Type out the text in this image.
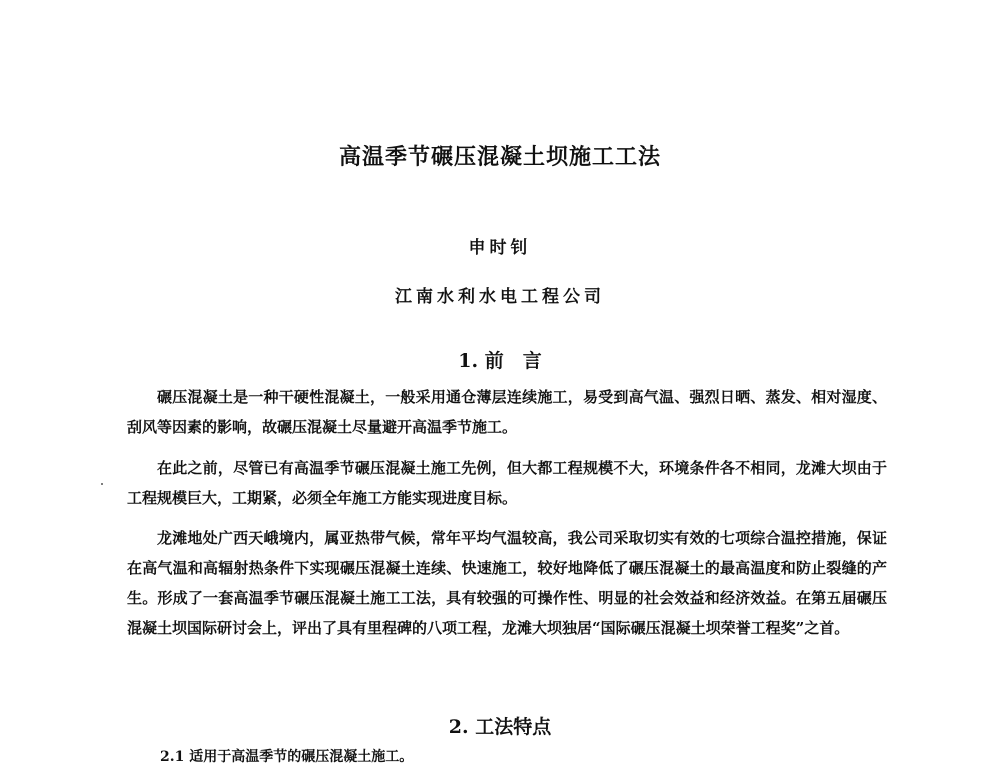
高温季节碾压混凝土坝施工工法
申时钊
江南水利水电工程公司
1. 前　言
碾压混凝土是一种干硬性混凝土，一般采用通仓薄层连续施工，易受到高气温、强烈日晒、蒸发、相对湿度、刮风等因素的影响，故碾压混凝土尽量避开高温季节施工。
在此之前，尽管已有高温季节碾压混凝土施工先例，但大都工程规模不大，环境条件各不相同，龙滩大坝由于工程规模巨大，工期紧，必须全年施工方能实现进度目标。
龙滩地处广西天峨境内，属亚热带气候，常年平均气温较高，我公司采取切实有效的七项综合温控措施，保证在高气温和高辐射热条件下实现碾压混凝土连续、快速施工，较好地降低了碾压混凝土的最高温度和防止裂缝的产生。形成了一套高温季节碾压混凝土施工工法，具有较强的可操作性、明显的社会效益和经济效益。在第五届碾压混凝土坝国际研讨会上，评出了具有里程碑的八项工程，龙滩大坝独居“国际碾压混凝土坝荣誉工程奖”之首。
2. 工法特点
2.1 适用于高温季节的碾压混凝土施工。
